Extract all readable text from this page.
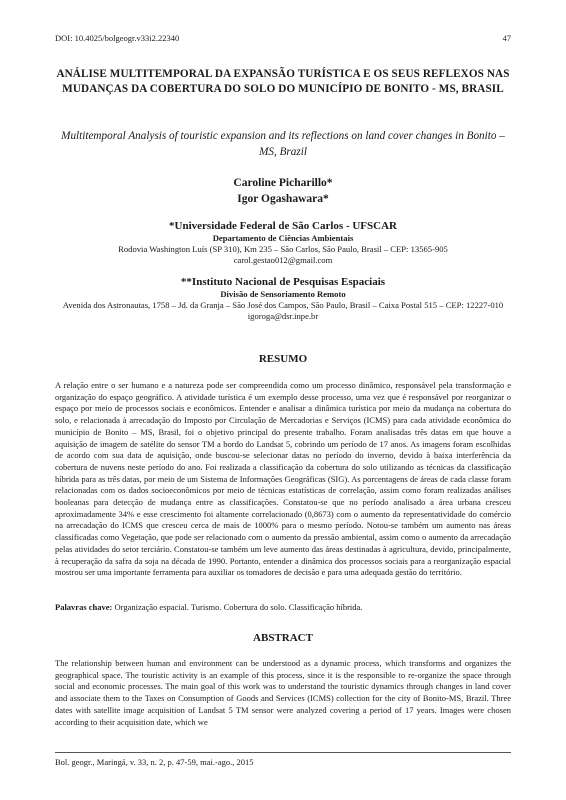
DOI: 10.4025/bolgeogr.v33i2.22340	47
ANÁLISE MULTITEMPORAL DA EXPANSÃO TURÍSTICA E OS SEUS REFLEXOS NAS MUDANÇAS DA COBERTURA DO SOLO DO MUNICÍPIO DE BONITO - MS, BRASIL
Multitemporal Analysis of touristic expansion and its reflections on land cover changes in Bonito –MS, Brazil
Caroline Picharillo*
Igor Ogashawara*
*Universidade Federal de São Carlos - UFSCAR
Departamento de Ciências Ambientais
Rodovia Washington Luís (SP 310), Km 235 – São Carlos, São Paulo, Brasil – CEP: 13565-905
carol.gestao012@gmail.com
**Instituto Nacional de Pesquisas Espaciais
Divisão de Sensoriamento Remoto
Avenida dos Astronautas, 1758 – Jd. da Granja – São José dos Campos, São Paulo, Brasil – Caixa Postal 515 – CEP: 12227-010
igoroga@dsr.inpe.br
RESUMO
A relação entre o ser humano e a natureza pode ser compreendida como um processo dinâmico, responsável pela transformação e organização do espaço geográfico. A atividade turística é um exemplo desse processo, uma vez que é responsável por reorganizar o espaço por meio de processos sociais e econômicos. Entender e analisar a dinâmica turística por meio da mudança na cobertura do solo, e relacionada à arrecadação do Imposto por Circulação de Mercadorias e Serviços (ICMS) para cada atividade econômica do município de Bonito – MS, Brasil, foi o objetivo principal do presente trabalho. Foram analisadas três datas em que houve a aquisição de imagem de satélite do sensor TM a bordo do Landsat 5, cobrindo um período de 17 anos. As imagens foram escolhidas de acordo com sua data de aquisição, onde buscou-se selecionar datas no período do inverno, devido à baixa interferência da cobertura de nuvens neste período do ano. Foi realizada a classificação da cobertura do solo utilizando as técnicas da classificação híbrida para as três datas, por meio de um Sistema de Informações Geográficas (SIG). As porcentagens de áreas de cada classe foram relacionadas com os dados socioeconômicos por meio de técnicas estatísticas de correlação, assim como foram realizadas análises booleanas para detecção de mudança entre as classificações. Constatou-se que no período analisado a área urbana cresceu aproximadamente 34% e esse crescimento foi altamente correlacionado (0,8673) com o aumento da representatividade do comércio na arrecadação do ICMS que cresceu cerca de mais de 1000% para o mesmo período. Notou-se também um aumento nas áreas classificadas como Vegetação, que pode ser relacionado com o aumento da pressão ambiental, assim como o aumento da arrecadação pelas atividades do setor terciário. Constatou-se também um leve aumento das áreas destinadas à agricultura, devido, principalmente, à recuperação da safra da soja na década de 1990. Portanto, entender a dinâmica dos processos sociais para a reorganização espacial mostrou ser uma importante ferramenta para auxiliar os tomadores de decisão e para uma adequada gestão do território.
Palavras chave: Organização espacial. Turismo. Cobertura do solo. Classificação híbrida.
ABSTRACT
The relationship between human and environment can be understood as a dynamic process, which transforms and organizes the geographical space. The touristic activity is an example of this process, since it is the responsible to re-organize the space through social and economic processes. The main goal of this work was to understand the touristic dynamics through changes in land cover and associate them to the Taxes on Consumption of Goods and Services (ICMS) collection for the city of Bonito-MS, Brazil. Three dates with satellite image acquisition of Landsat 5 TM sensor were analyzed covering a period of 17 years. Images were chosen according to their acquisition date, which we
Bol. geogr., Maringá, v. 33, n. 2, p. 47-59, mai.-ago., 2015
